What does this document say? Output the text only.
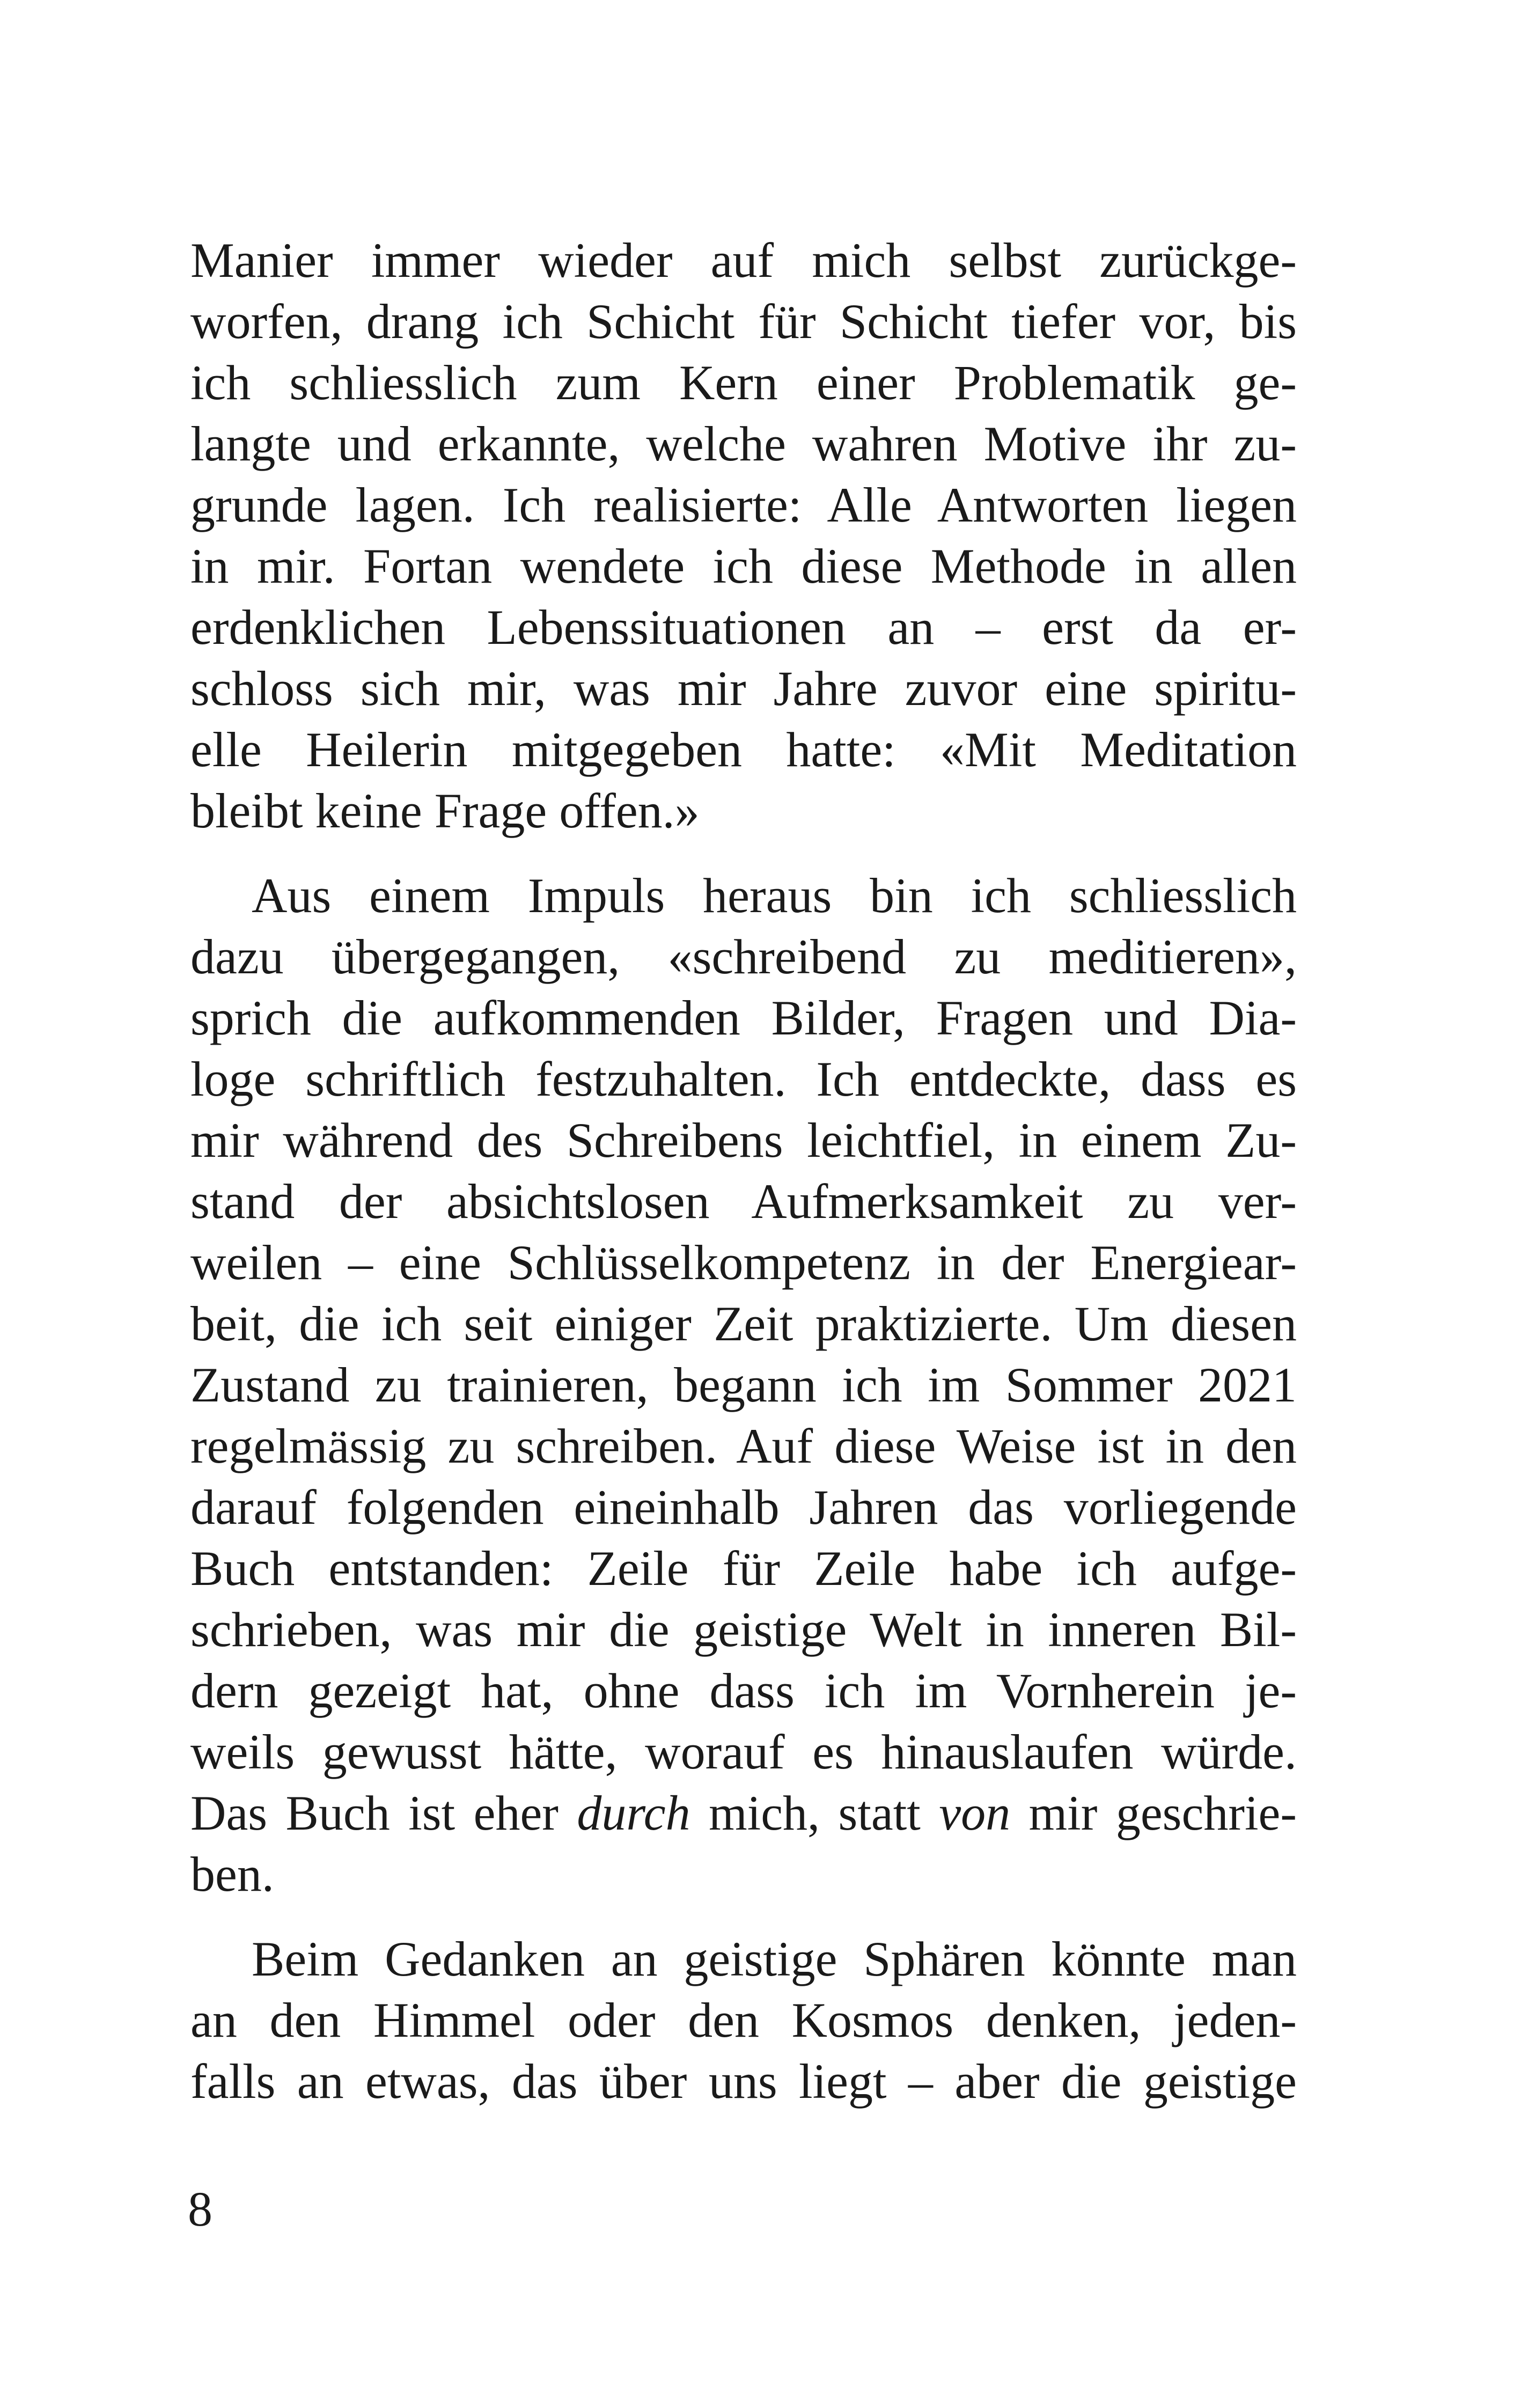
Manier immer wieder auf mich selbst zurückge-
worfen, drang ich Schicht für Schicht tiefer vor, bis
ich schliesslich zum Kern einer Problematik ge-
langte und erkannte, welche wahren Motive ihr zu-
grunde lagen. Ich realisierte: Alle Antworten liegen
in mir. Fortan wendete ich diese Methode in allen
erdenklichen Lebenssituationen an – erst da er-
schloss sich mir, was mir Jahre zuvor eine spiritu-
elle Heilerin mitgegeben hatte: «Mit Meditation
bleibt keine Frage offen.»
Aus einem Impuls heraus bin ich schliesslich
dazu übergegangen, «schreibend zu meditieren»,
sprich die aufkommenden Bilder, Fragen und Dia-
loge schriftlich festzuhalten. Ich entdeckte, dass es
mir während des Schreibens leichtfiel, in einem Zu-
stand der absichtslosen Aufmerksamkeit zu ver-
weilen – eine Schlüsselkompetenz in der Energiear-
beit, die ich seit einiger Zeit praktizierte. Um diesen
Zustand zu trainieren, begann ich im Sommer 2021
regelmässig zu schreiben. Auf diese Weise ist in den
darauf folgenden eineinhalb Jahren das vorliegende
Buch entstanden: Zeile für Zeile habe ich aufge-
schrieben, was mir die geistige Welt in inneren Bil-
dern gezeigt hat, ohne dass ich im Vornherein je-
weils gewusst hätte, worauf es hinauslaufen würde.
Das Buch ist eher durch mich, statt von mir geschrie-
ben.
Beim Gedanken an geistige Sphären könnte man
an den Himmel oder den Kosmos denken, jeden-
falls an etwas, das über uns liegt – aber die geistige
8
